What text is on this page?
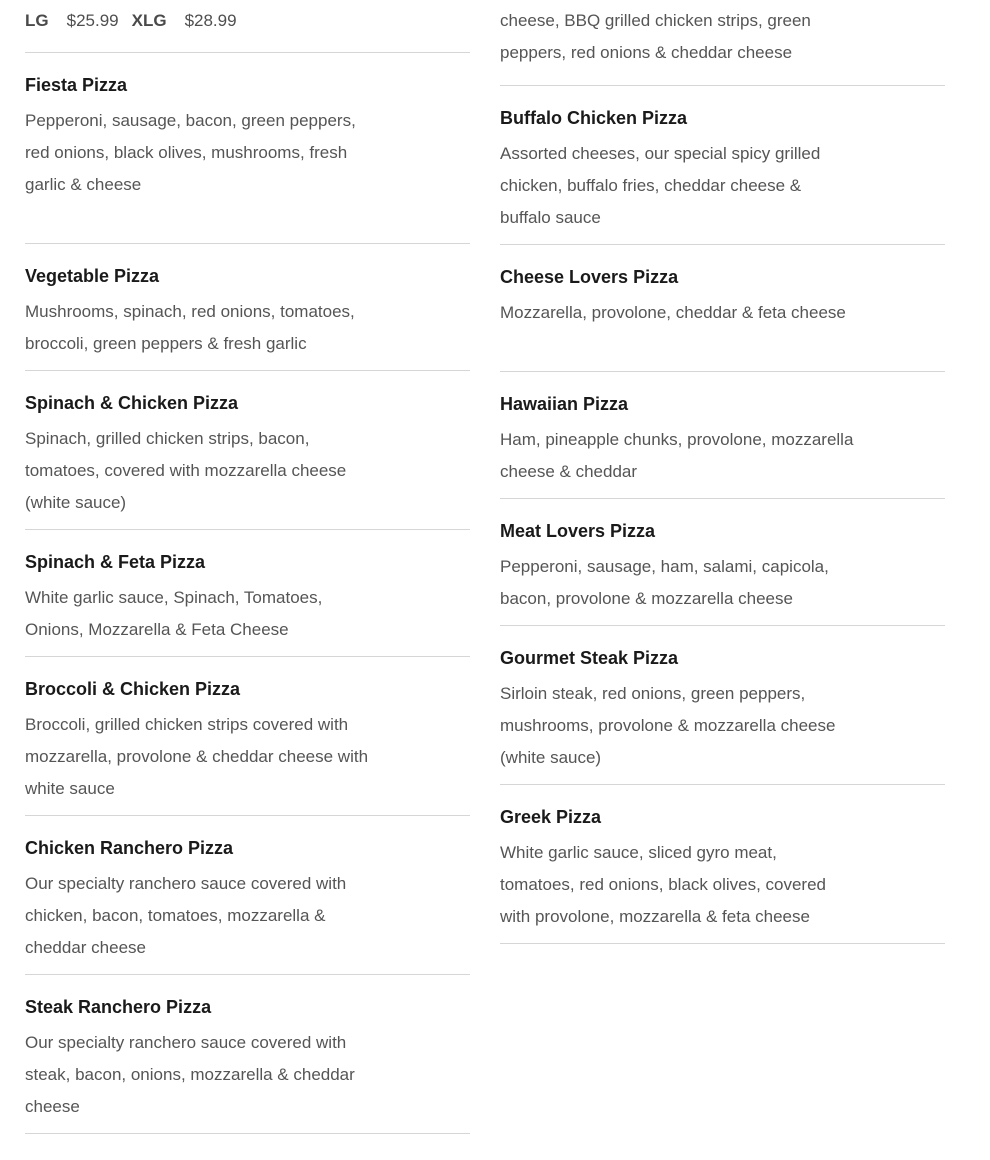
LG $25.99 XLG $28.99
Fiesta Pizza
Pepperoni, sausage, bacon, green peppers, red onions, black olives, mushrooms, fresh garlic & cheese
Vegetable Pizza
Mushrooms, spinach, red onions, tomatoes, broccoli, green peppers & fresh garlic
Spinach & Chicken Pizza
Spinach, grilled chicken strips, bacon, tomatoes, covered with mozzarella cheese (white sauce)
Spinach & Feta Pizza
White garlic sauce, Spinach, Tomatoes, Onions, Mozzarella & Feta Cheese
Broccoli & Chicken Pizza
Broccoli, grilled chicken strips covered with mozzarella, provolone & cheddar cheese with white sauce
Chicken Ranchero Pizza
Our specialty ranchero sauce covered with chicken, bacon, tomatoes, mozzarella & cheddar cheese
Steak Ranchero Pizza
Our specialty ranchero sauce covered with steak, bacon, onions, mozzarella & cheddar cheese
cheese, BBQ grilled chicken strips, green peppers, red onions & cheddar cheese
Buffalo Chicken Pizza
Assorted cheeses, our special spicy grilled chicken, buffalo fries, cheddar cheese & buffalo sauce
Cheese Lovers Pizza
Mozzarella, provolone, cheddar & feta cheese
Hawaiian Pizza
Ham, pineapple chunks, provolone, mozzarella cheese & cheddar
Meat Lovers Pizza
Pepperoni, sausage, ham, salami, capicola, bacon, provolone & mozzarella cheese
Gourmet Steak Pizza
Sirloin steak, red onions, green peppers, mushrooms, provolone & mozzarella cheese (white sauce)
Greek Pizza
White garlic sauce, sliced gyro meat, tomatoes, red onions, black olives, covered with provolone, mozzarella & feta cheese
